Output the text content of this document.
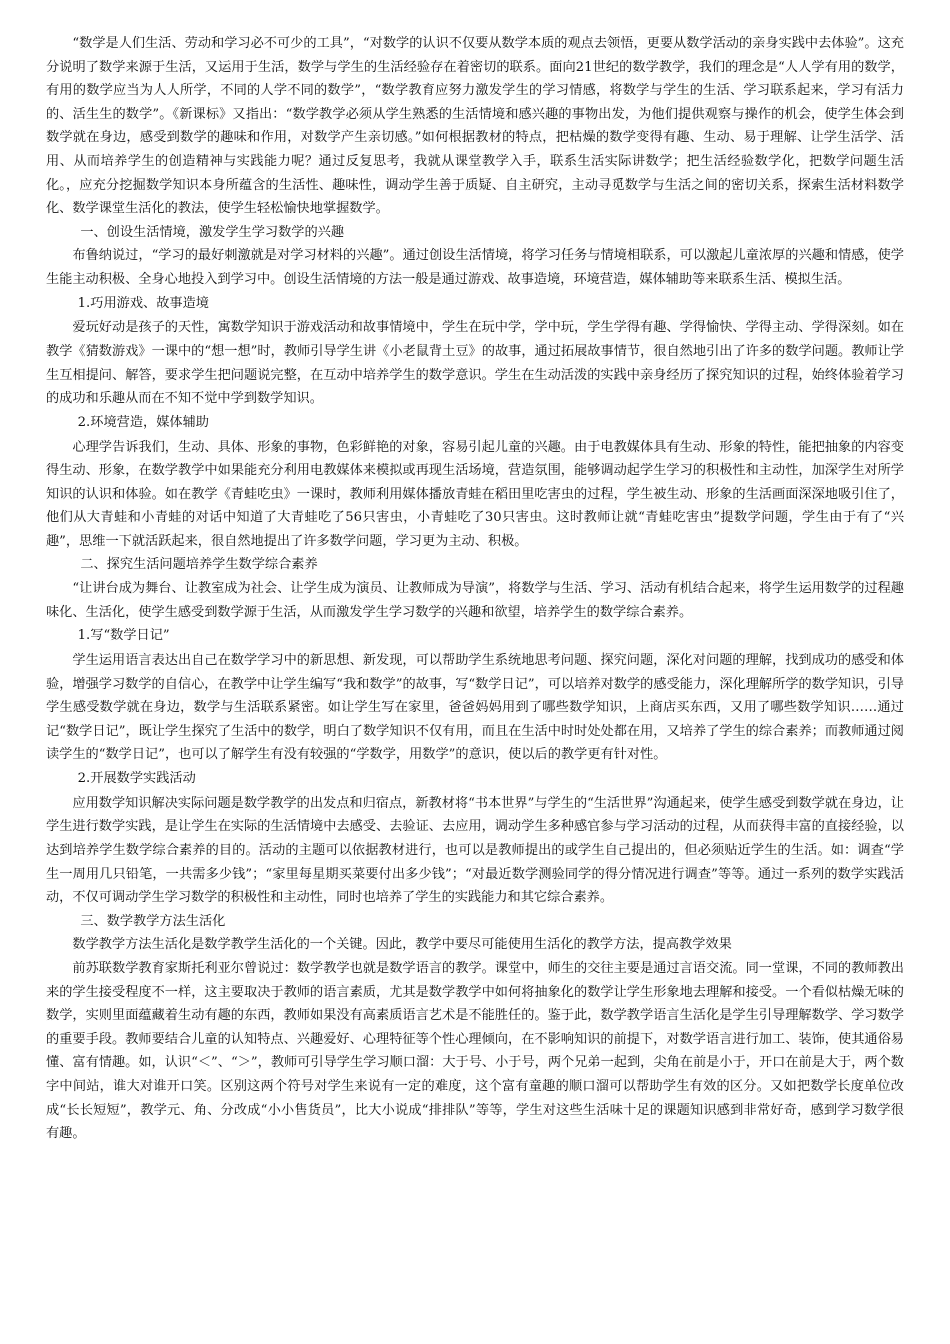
“数学是人们生活、劳动和学习必不可少的工具”，“对数学的认识不仅要从数学本质的观点去领悟，更要从数学活动的亲身实践中去体验”。这充分说明了数学来源于生活，又运用于生活，数学与学生的生活经验存在着密切的联系。面向21世纪的数学教学，我们的理念是“人人学有用的数学，有用的数学应当为人人所学，不同的人学不同的数学”，“数学教育应努力激发学生的学习情感，将数学与学生的生活、学习联系起来，学习有活力的、活生生的数学”。《新课标》又指出：“数学教学必须从学生熟悉的生活情境和感兴趣的事物出发，为他们提供观察与操作的机会，使学生体会到数学就在身边，感受到数学的趣味和作用，对数学产生亲切感。”如何根据教材的特点，把枯燥的数学变得有趣、生动、易于理解、让学生活学、活用、从而培养学生的创造精神与实践能力呢？通过反复思考，我就从课堂教学入手，联系生活实际讲数学；把生活经验数学化，把数学问题生活化。，应充分挖掘数学知识本身所蕴含的生活性、趣味性，调动学生善于质疑、自主研究，主动寻觅数学与生活之间的密切关系，探索生活材料数学化、数学课堂生活化的教法，使学生轻松愉快地掌握数学。

一、创设生活情境，激发学生学习数学的兴趣

布鲁纳说过，“学习的最好刺激就是对学习材料的兴趣”。通过创设生活情境，将学习任务与情境相联系，可以激起儿童浓厚的兴趣和情感，使学生能主动积极、全身心地投入到学习中。创设生活情境的方法一般是通过游戏、故事造境，环境营造，媒体辅助等来联系生活、模拟生活。

1.巧用游戏、故事造境

爱玩好动是孩子的天性，寓数学知识于游戏活动和故事情境中，学生在玩中学，学中玩，学生学得有趣、学得愉快、学得主动、学得深刻。如在教学《猜数游戏》一课中的“想一想”时，教师引导学生讲《小老鼠背土豆》的故事，通过拓展故事情节，很自然地引出了许多的数学问题。教师让学生互相提问、解答，要求学生把问题说完整，在互动中培养学生的数学意识。学生在生动活泼的实践中亲身经历了探究知识的过程，始终体验着学习的成功和乐趣从而在不知不觉中学到数学知识。

2.环境营造，媒体辅助

心理学告诉我们，生动、具体、形象的事物，色彩鲜艳的对象，容易引起儿童的兴趣。由于电教媒体具有生动、形象的特性，能把抽象的内容变得生动、形象，在数学教学中如果能充分利用电教媒体来模拟或再现生活场境，营造氛围，能够调动起学生学习的积极性和主动性，加深学生对所学知识的认识和体验。如在教学《青蛙吃虫》一课时，教师利用媒体播放青蛙在稻田里吃害虫的过程，学生被生动、形象的生活画面深深地吸引住了，他们从大青蛙和小青蛙的对话中知道了大青蛙吃了56只害虫，小青蛙吃了30只害虫。这时教师让就“青蛙吃害虫”提数学问题，学生由于有了“兴趣”，思维一下就活跃起来，很自然地提出了许多数学问题，学习更为主动、积极。

二、探究生活问题培养学生数学综合素养

“让讲台成为舞台、让教室成为社会、让学生成为演员、让教师成为导演”，将数学与生活、学习、活动有机结合起来，将学生运用数学的过程趣味化、生活化，使学生感受到数学源于生活，从而激发学生学习数学的兴趣和欲望，培养学生的数学综合素养。

1.写“数学日记”

学生运用语言表达出自己在数学学习中的新思想、新发现，可以帮助学生系统地思考问题、探究问题，深化对问题的理解，找到成功的感受和体验，增强学习数学的自信心，在教学中让学生编写“我和数学”的故事，写“数学日记”，可以培养对数学的感受能力，深化理解所学的数学知识，引导学生感受数学就在身边，数学与生活联系紧密。如让学生写在家里，爸爸妈妈用到了哪些数学知识，上商店买东西，又用了哪些数学知识……通过记“数学日记”，既让学生探究了生活中的数学，明白了数学知识不仅有用，而且在生活中时时处处都在用，又培养了学生的综合素养；而教师通过阅读学生的“数学日记”，也可以了解学生有没有较强的“学数学，用数学”的意识，使以后的教学更有针对性。

2.开展数学实践活动

应用数学知识解决实际问题是数学教学的出发点和归宿点，新教材将“书本世界”与学生的“生活世界”沟通起来，使学生感受到数学就在身边，让学生进行数学实践，是让学生在实际的生活情境中去感受、去验证、去应用，调动学生多种感官参与学习活动的过程，从而获得丰富的直接经验，以达到培养学生数学综合素养的目的。活动的主题可以依据教材进行，也可以是教师提出的或学生自己提出的，但必须贴近学生的生活。如：调查“学生一周用几只铅笔，一共需多少钱”；“家里每星期买菜要付出多少钱”；“对最近数学测验同学的得分情况进行调查”等等。通过一系列的数学实践活动，不仅可调动学生学习数学的积极性和主动性，同时也培养了学生的实践能力和其它综合素养。

三、数学教学方法生活化

数学教学方法生活化是数学教学生活化的一个关键。因此，教学中要尽可能使用生活化的教学方法，提高教学效果

前苏联数学教育家斯托利亚尔曾说过：数学教学也就是数学语言的教学。课堂中，师生的交往主要是通过言语交流。同一堂课，不同的教师教出来的学生接受程度不一样，这主要取决于教师的语言素质，尤其是数学教学中如何将抽象化的数学让学生形象地去理解和接受。一个看似枯燥无味的数学，实则里面蕴藏着生动有趣的东西，教师如果没有高素质语言艺术是不能胜任的。鉴于此，数学教学语言生活化是学生引导理解数学、学习数学的重要手段。教师要结合儿童的认知特点、兴趣爱好、心理特征等个性心理倾向，在不影响知识的前提下，对数学语言进行加工、装饰，使其通俗易懂、富有情趣。如，认识“＜”、“＞”，教师可引导学生学习顺口溜：大于号、小于号，两个兄弟一起到，尖角在前是小于，开口在前是大于，两个数字中间站，谁大对谁开口笑。区别这两个符号对学生来说有一定的难度，这个富有童趣的顺口溜可以帮助学生有效的区分。又如把数学长度单位改成“长长短短”，教学元、角、分改成“小小售货员”，比大小说成“排排队”等等，学生对这些生活味十足的课题知识感到非常好奇，感到学习数学很有趣。
